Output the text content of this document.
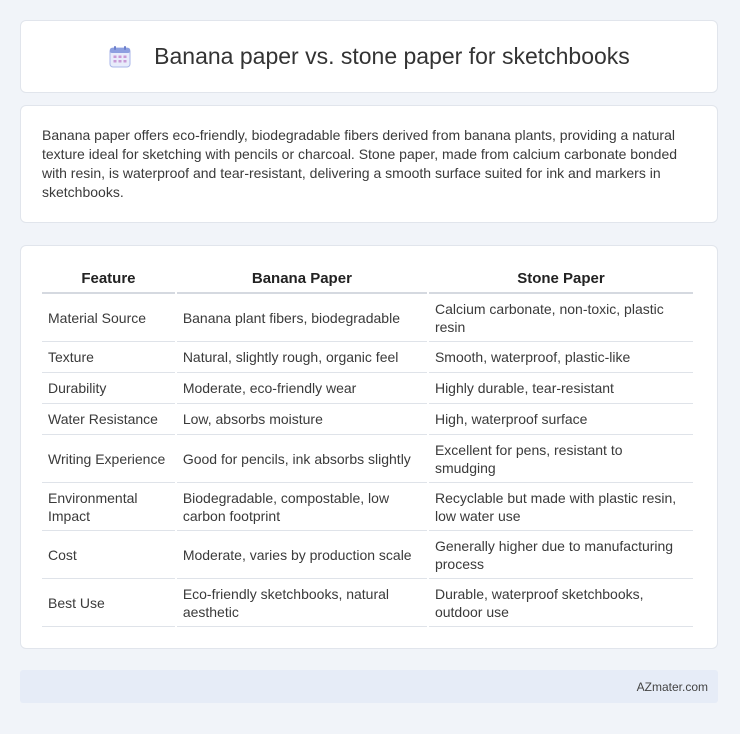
Banana paper vs. stone paper for sketchbooks

Banana paper offers eco-friendly, biodegradable fibers derived from banana plants, providing a natural texture ideal for sketching with pencils or charcoal. Stone paper, made from calcium carbonate bonded with resin, is waterproof and tear-resistant, delivering a smooth surface suited for ink and markers in sketchbooks.

Feature	Banana Paper	Stone Paper
Material Source	Banana plant fibers, biodegradable	Calcium carbonate, non-toxic, plastic resin
Texture	Natural, slightly rough, organic feel	Smooth, waterproof, plastic-like
Durability	Moderate, eco-friendly wear	Highly durable, tear-resistant
Water Resistance	Low, absorbs moisture	High, waterproof surface
Writing Experience	Good for pencils, ink absorbs slightly	Excellent for pens, resistant to smudging
Environmental Impact	Biodegradable, compostable, low carbon footprint	Recyclable but made with plastic resin, low water use
Cost	Moderate, varies by production scale	Generally higher due to manufacturing process
Best Use	Eco-friendly sketchbooks, natural aesthetic	Durable, waterproof sketchbooks, outdoor use
AZmater.com
